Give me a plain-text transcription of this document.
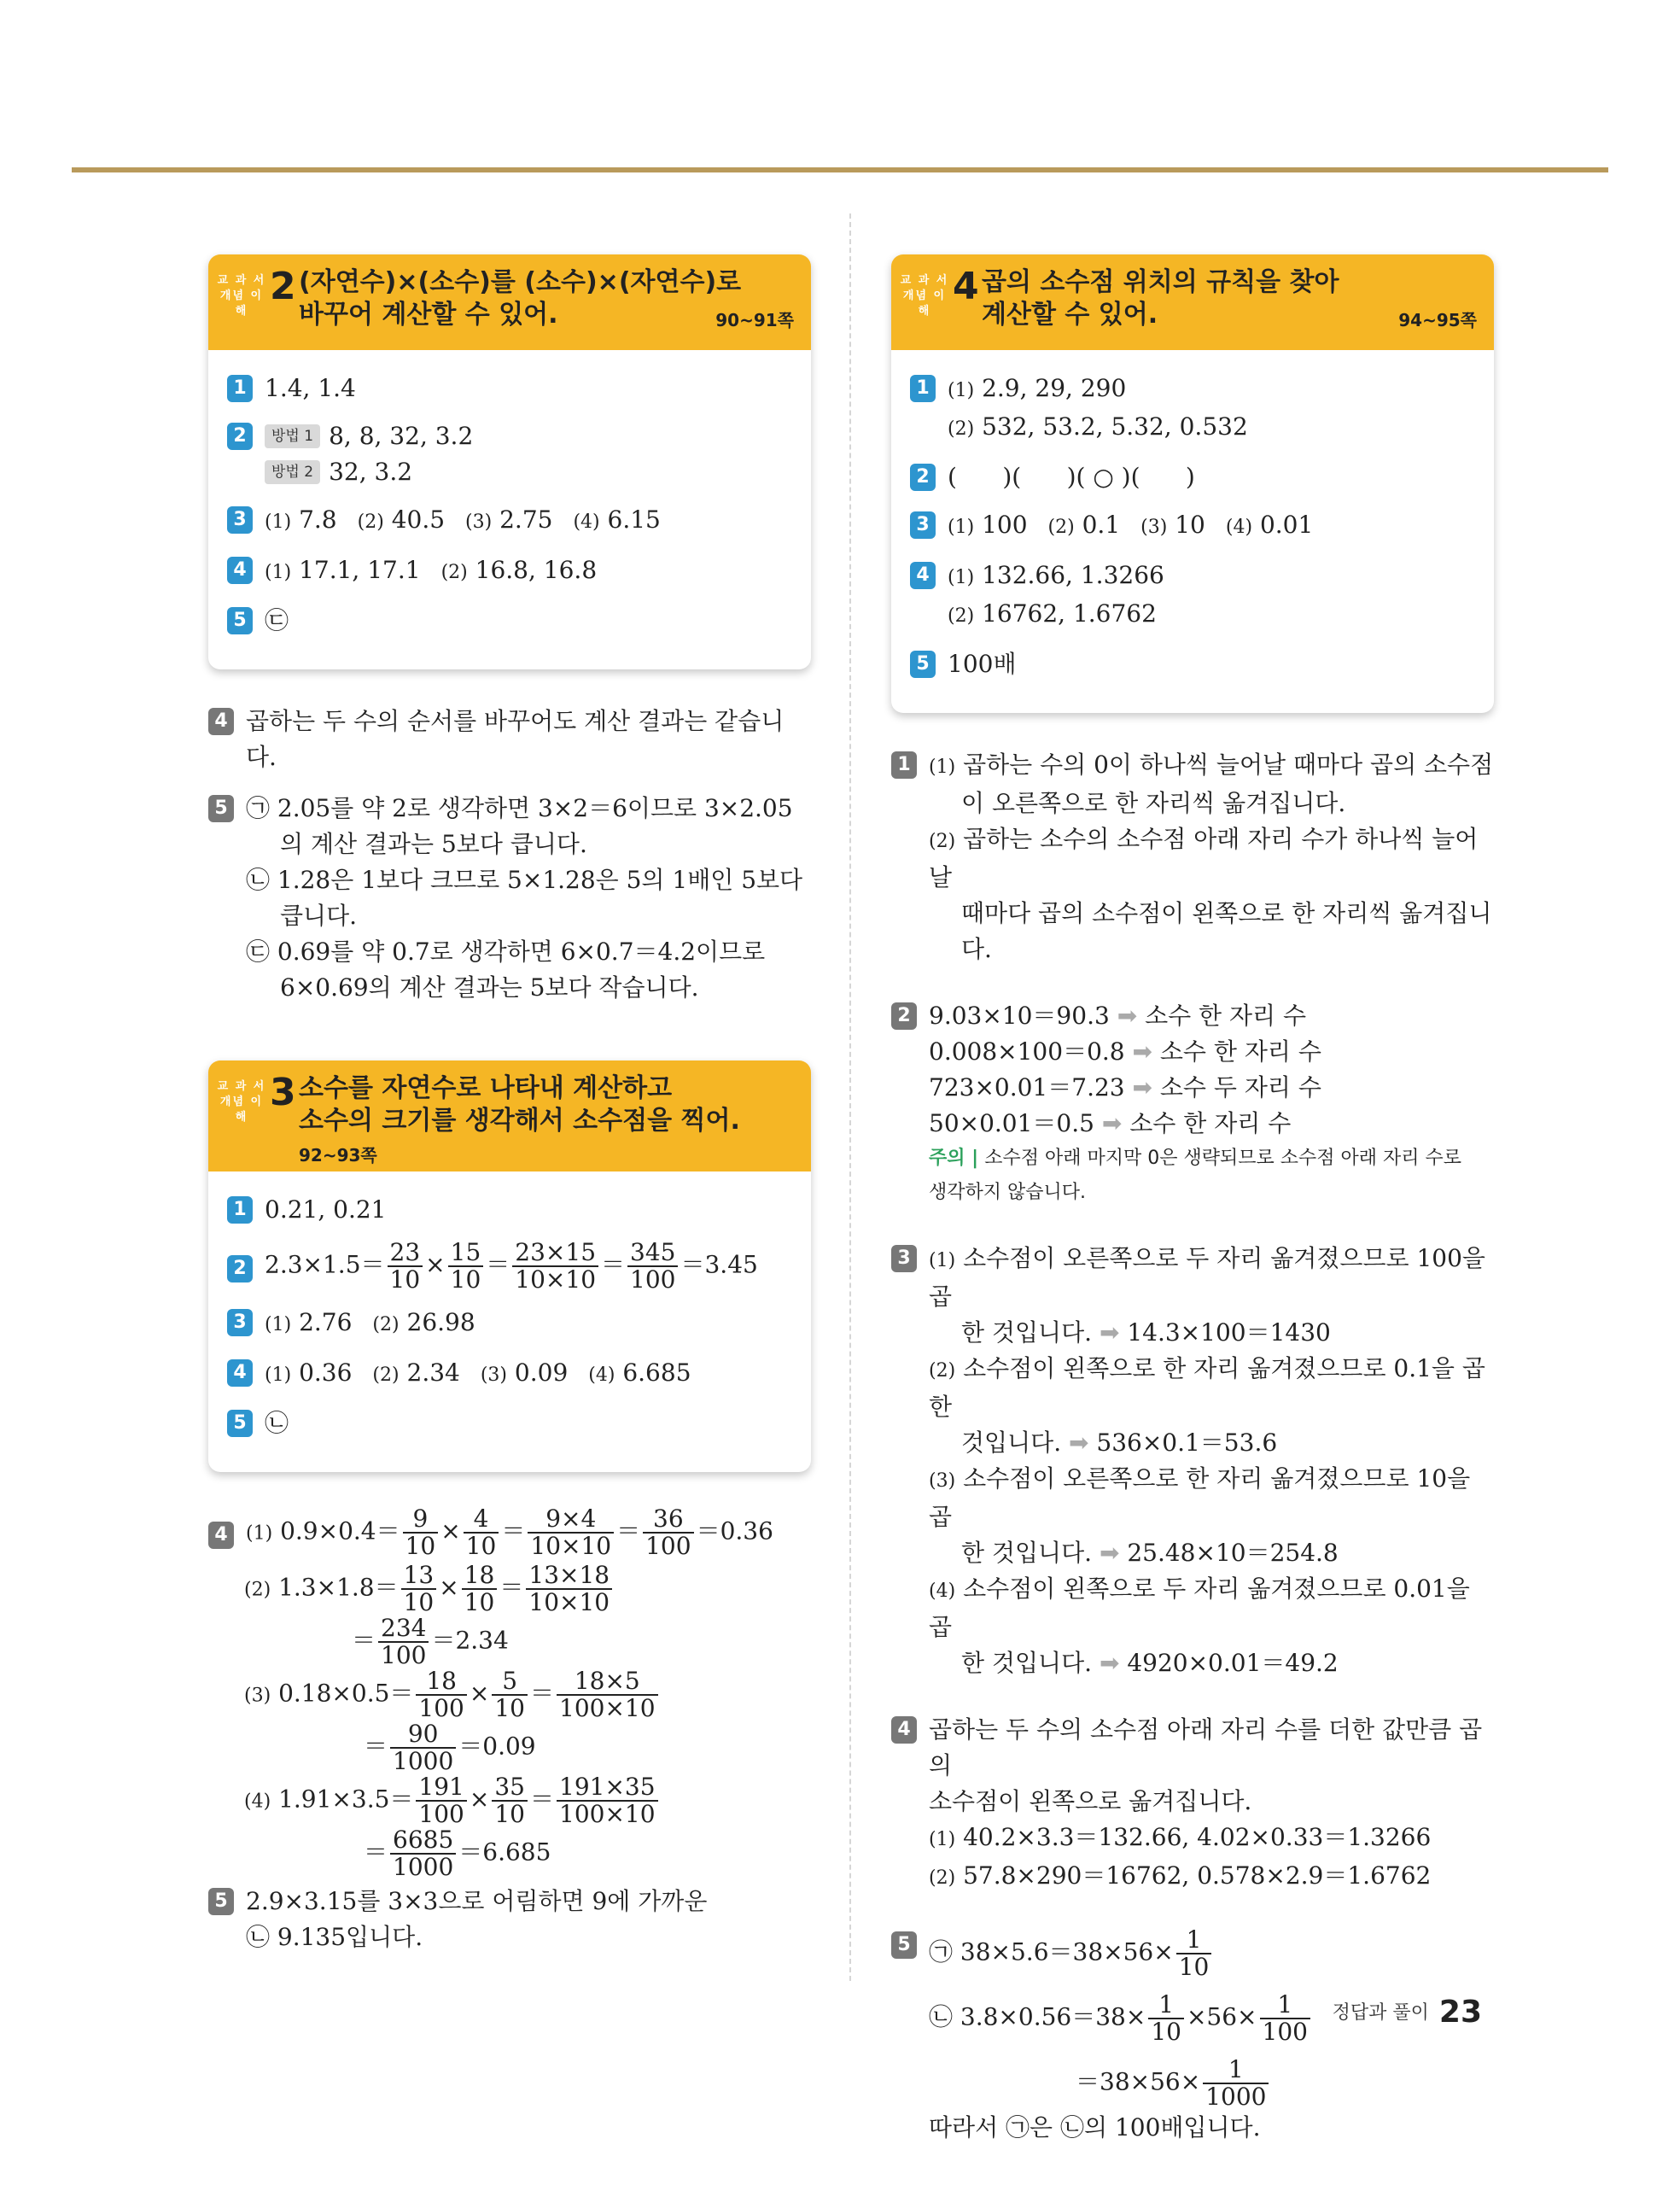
교 과 서
개념 이해
2 (자연수)×(소수)를 (소수)×(자연수)로
바꾸어 계산할 수 있어.	90~91쪽
1 1.4, 1.4
2	방법 1 8, 8, 32, 3.2
방법 2 32, 3.2
3 (1) 7.8 (2) 40.5 (3) 2.75 (4) 6.15
4 (1) 17.1, 17.1 (2) 16.8, 16.8
5 ㉢
4 곱하는 두 수의 순서를 바꾸어도 계산 결과는 같습니다.
5 ㉠ 2.05를 약 2로 생각하면 3×2＝6이므로 3×2.05
의 계산 결과는 5보다 큽니다.
㉡ 1.28은 1보다 크므로 5×1.28은 5의 1배인 5보다
큽니다.
㉢ 0.69를 약 0.7로 생각하면 6×0.7＝4.2이므로
6×0.69의 계산 결과는 5보다 작습니다.
교 과 서
개념 이해
3 소수를 자연수로 나타내 계산하고
소수의 크기를 생각해서 소수점을 찍어. 92~93쪽
1 0.21, 0.21
2 $2.3\times 1.5= \frac{23}{10} \times \frac{15}{10} = \frac{23\times 15}{10\times 10} = \frac{345}{100} =3.45$
3 (1) 2.76 (2) 26.98
4 (1) 0.36 (2) 2.34 (3) 0.09 (4) 6.685
5 ㉡
4 (1) $0.9\times 0.4= \frac{9}{10} \times \frac{4}{10} = \frac{9\times 4}{10\times 10} = \frac{36}{100} =0.36$
(2) $1.3\times 1.8= \frac{13}{10} \times \frac{18}{10} = \frac{13\times 18}{10\times 10}$
＝ $\frac{234}{100} =2.34$
(3) $0.18\times 0.5= \frac{18}{100} \times \frac{5}{10} = \frac{18\times 5}{100\times 10}$
＝ $\frac{90}{1000} =0.09$
(4) $1.91\times 3.5= \frac{191}{100} \times \frac{35}{10} = \frac{191\times 35}{100\times 10}$
＝ $\frac{6685}{1000} =6.685$
5 2.9×3.15를 3×3으로 어림하면 9에 가까운
㉡ 9.135입니다.
교 과 서
개념 이해
4 곱의 소수점 위치의 규칙을 찾아
계산할 수 있어.	94~95쪽
1 (1) 2.9, 29, 290
(2) 532, 53.2, 5.32, 0.532
2 (      )(      )( ○ )(      )
3 (1) 100 (2) 0.1 (3) 10 (4) 0.01
4 (1) 132.66, 1.3266
(2) 16762, 1.6762
5 100배
1 (1) 곱하는 수의 0이 하나씩 늘어날 때마다 곱의 소수점
이 오른쪽으로 한 자리씩 옮겨집니다.
(2) 곱하는 소수의 소수점 아래 자리 수가 하나씩 늘어날
때마다 곱의 소수점이 왼쪽으로 한 자리씩 옮겨집니다.
2 9.03×10＝90.3 ➡ 소수 한 자리 수
0.008×100＝0.8 ➡ 소수 한 자리 수
723×0.01＝7.23 ➡ 소수 두 자리 수
50×0.01＝0.5 ➡ 소수 한 자리 수
주의 | 소수점 아래 마지막 0은 생략되므로 소수점 아래 자리 수로
생각하지 않습니다.
3 (1) 소수점이 오른쪽으로 두 자리 옮겨졌으므로 100을 곱
한 것입니다. ➡ 14.3×100＝1430
(2) 소수점이 왼쪽으로 한 자리 옮겨졌으므로 0.1을 곱한
것입니다. ➡ 536×0.1＝53.6
(3) 소수점이 오른쪽으로 한 자리 옮겨졌으므로 10을 곱
한 것입니다. ➡ 25.48×10＝254.8
(4) 소수점이 왼쪽으로 두 자리 옮겨졌으므로 0.01을 곱
한 것입니다. ➡ 4920×0.01＝49.2
4 곱하는 두 수의 소수점 아래 자리 수를 더한 값만큼 곱의
소수점이 왼쪽으로 옮겨집니다.
(1) 40.2×3.3＝132.66, 4.02×0.33＝1.3266
(2) 57.8×290＝16762, 0.578×2.9＝1.6762
5 ㉠ $38\times 5.6=38\times 56\times \frac{1}{10}$
㉡ $3.8\times 0.56=38\times \frac{1}{10} \times 56\times \frac{1}{100}$
$=38\times 56\times \frac{1}{1000}$
따라서 ㉠은 ㉡의 100배입니다.
정답과 풀이 23
